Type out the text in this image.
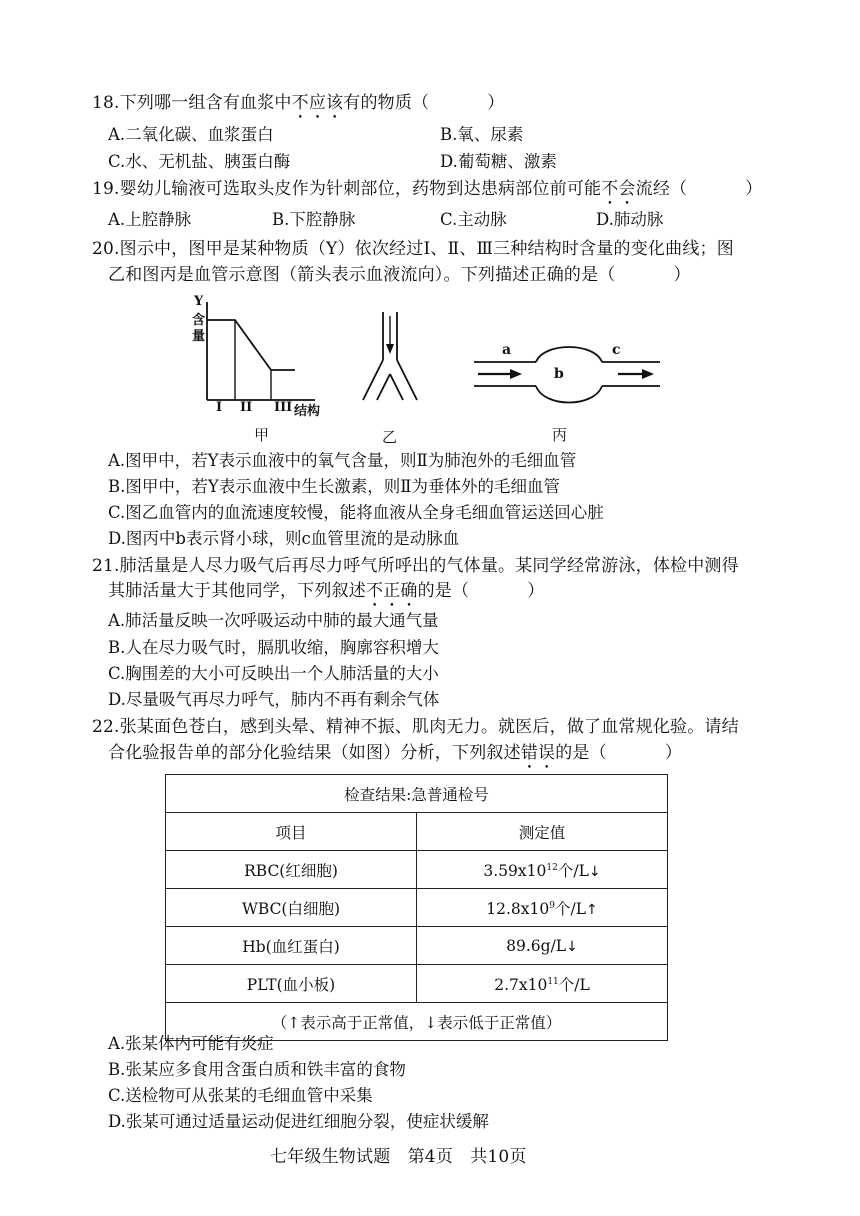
18.下列哪一组含有血浆中不应该有的物质（	）
A.二氧化碳、血浆蛋白	B.氧、尿素
C.水、无机盐、胰蛋白酶	D.葡萄糖、激素
19.婴幼儿输液可选取头皮作为针刺部位，药物到达患病部位前可能不会流经（	）
A.上腔静脉	B.下腔静脉	C.主动脉	D.肺动脉
20.图示中，图甲是某种物质（Y）依次经过Ⅰ、Ⅱ、Ⅲ三种结构时含量的变化曲线；图
乙和图丙是血管示意图（箭头表示血液流向）。下列描述正确的是（	）
Y
含
量
I II III 结构
甲	乙
a
b
c
丙
A.图甲中，若Y表示血液中的氧气含量，则Ⅱ为肺泡外的毛细血管
B.图甲中，若Y表示血液中生长激素，则Ⅱ为垂体外的毛细血管
C.图乙血管内的血流速度较慢，能将血液从全身毛细血管运送回心脏
D.图丙中b表示肾小球，则c血管里流的是动脉血
21.肺活量是人尽力吸气后再尽力呼气所呼出的气体量。某同学经常游泳，体检中测得
其肺活量大于其他同学，下列叙述不正确的是（	）
A.肺活量反映一次呼吸运动中肺的最大通气量
B.人在尽力吸气时，膈肌收缩，胸廓容积增大
C.胸围差的大小可反映出一个人肺活量的大小
D.尽量吸气再尽力呼气，肺内不再有剩余气体
22.张某面色苍白，感到头晕、精神不振、肌肉无力。就医后，做了血常规化验。请结
合化验报告单的部分化验结果（如图）分析，下列叙述错误的是（	）
检查结果:急普通检号	
项目	测定值
RBC(红细胞)	$3.59x10^{12}$个/L↓
WBC(白细胞)	$12.8x10^9$个/L↑
Hb(血红蛋白)	89.6g/L↓
PLT(血小板)	$2.7x10^{11}$个/L
（↑表示高于正常值，↓表示低于正常值）	
A.张某体内可能有炎症
B.张某应多食用含蛋白质和铁丰富的食物
C.送检物可从张某的毛细血管中采集
D.张某可通过适量运动促进红细胞分裂，使症状缓解
七年级生物试题　第4页　共10页
